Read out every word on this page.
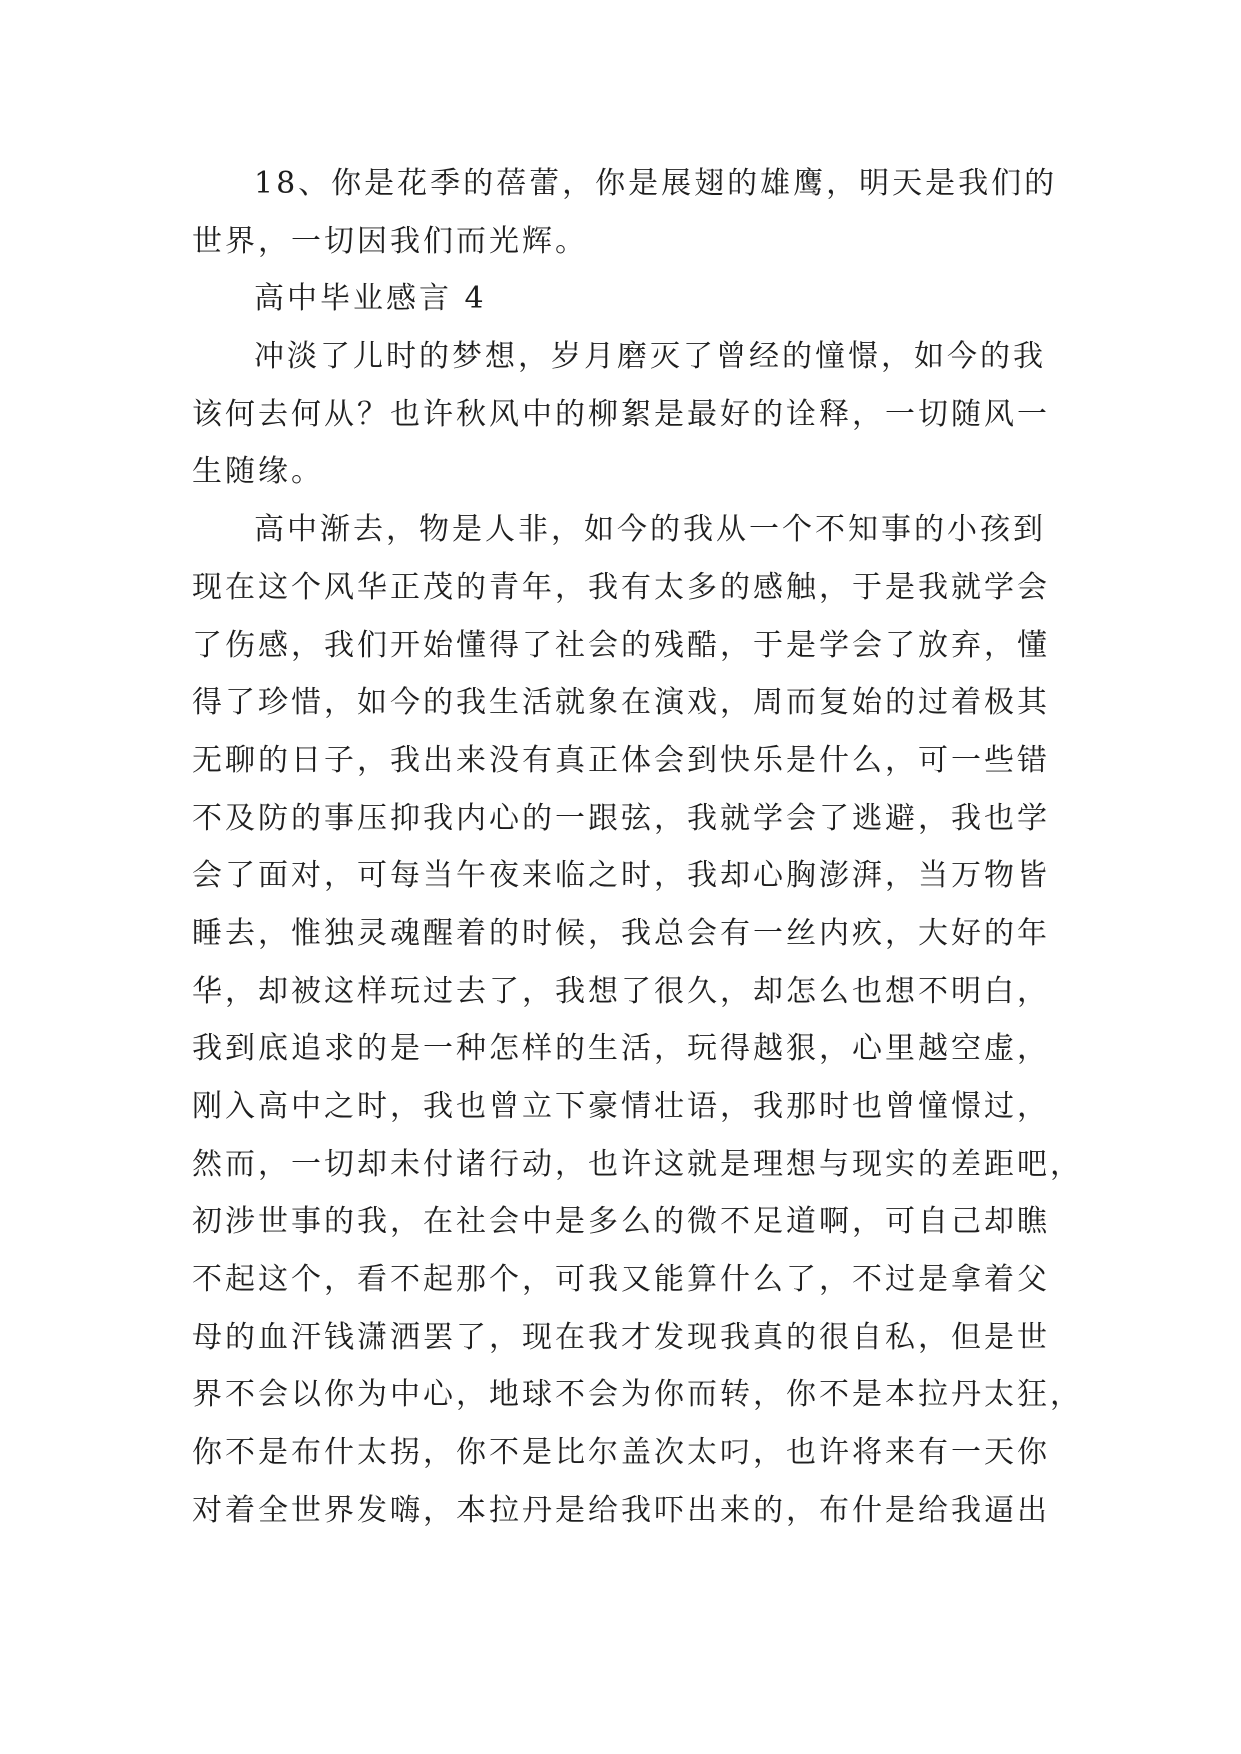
18、你是花季的蓓蕾，你是展翅的雄鹰，明天是我们的
世界，一切因我们而光辉。
高中毕业感言 4
冲淡了儿时的梦想，岁月磨灭了曾经的憧憬，如今的我
该何去何从？也许秋风中的柳絮是最好的诠释，一切随风一
生随缘。
高中渐去，物是人非，如今的我从一个不知事的小孩到
现在这个风华正茂的青年，我有太多的感触，于是我就学会
了伤感，我们开始懂得了社会的残酷，于是学会了放弃，懂
得了珍惜，如今的我生活就象在演戏，周而复始的过着极其
无聊的日子，我出来没有真正体会到快乐是什么，可一些错
不及防的事压抑我内心的一跟弦，我就学会了逃避，我也学
会了面对，可每当午夜来临之时，我却心胸澎湃，当万物皆
睡去，惟独灵魂醒着的时候，我总会有一丝内疚，大好的年
华，却被这样玩过去了，我想了很久，却怎么也想不明白，
我到底追求的是一种怎样的生活，玩得越狠，心里越空虚，
刚入高中之时，我也曾立下豪情壮语，我那时也曾憧憬过，
然而，一切却未付诸行动，也许这就是理想与现实的差距吧，
初涉世事的我，在社会中是多么的微不足道啊，可自己却瞧
不起这个，看不起那个，可我又能算什么了，不过是拿着父
母的血汗钱潇洒罢了，现在我才发现我真的很自私，但是世
界不会以你为中心，地球不会为你而转，你不是本拉丹太狂，
你不是布什太拐，你不是比尔盖次太叼，也许将来有一天你
对着全世界发嗨，本拉丹是给我吓出来的，布什是给我逼出
